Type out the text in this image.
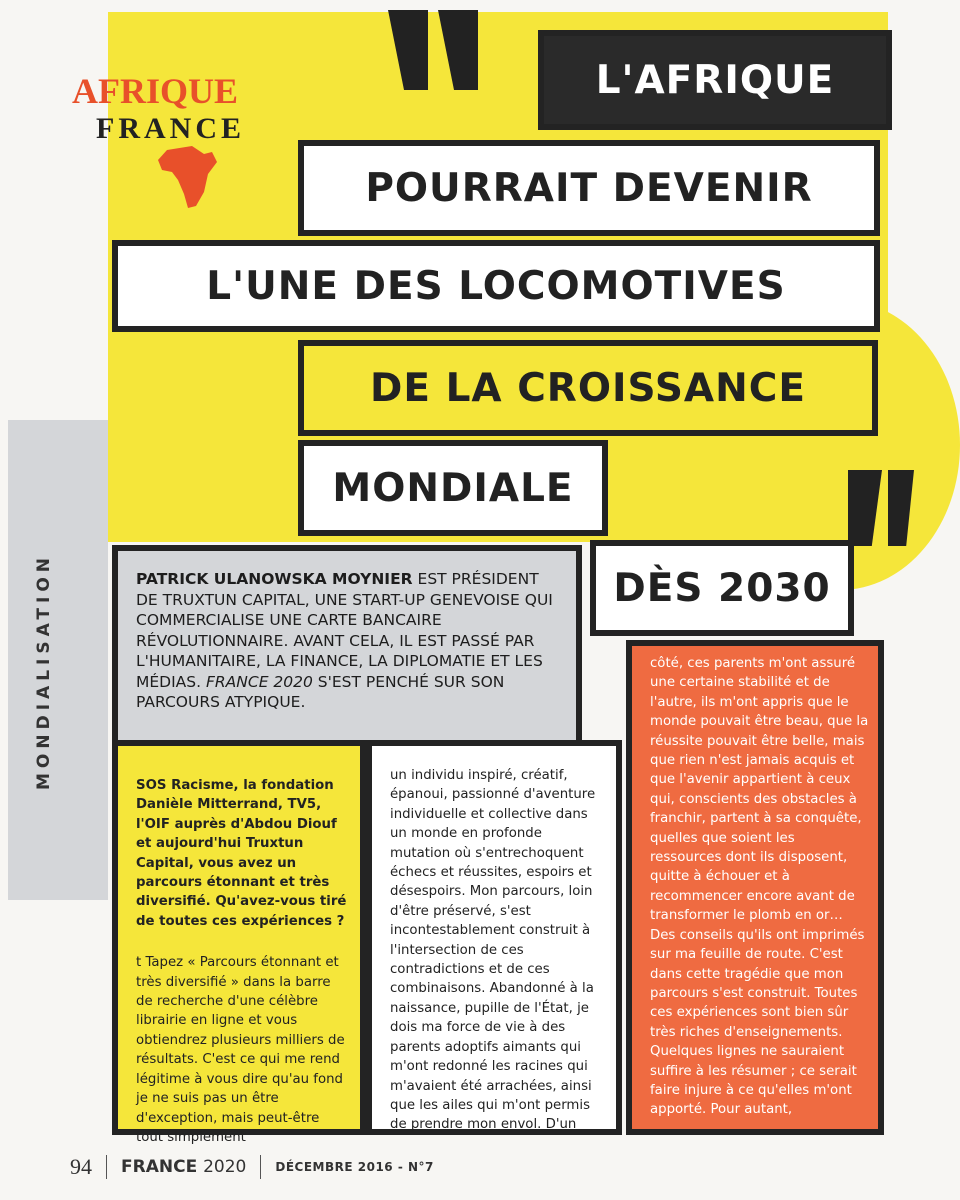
AFRIQUE
FRANCE
L'AFRIQUE
POURRAIT DEVENIR
L'UNE DES LOCOMOTIVES
DE LA CROISSANCE
MONDIALE
DÈS 2030
MONDIALISATION	PATRICK ULANOWSKA MOYNIER EST PRÉSIDENT DE TRUXTUN CAPITAL, UNE START-UP GENEVOISE QUI COMMERCIALISE UNE CARTE BANCAIRE RÉVOLUTIONNAIRE. AVANT CELA, IL EST PASSÉ PAR L'HUMANITAIRE, LA FINANCE, LA DIPLOMATIE ET LES MÉDIAS. FRANCE 2020 S'EST PENCHÉ SUR SON PARCOURS ATYPIQUE.

SOS Racisme, la fondation Danièle Mitterrand, TV5, l'OIF auprès d'Abdou Diouf et aujourd'hui Truxtun Capital, vous avez un parcours étonnant et très diversifié. Qu'avez-vous tiré de toutes ces expériences ?

t Tapez « Parcours étonnant et très diversifié » dans la barre de recherche d'une célèbre librairie en ligne et vous obtiendrez plusieurs milliers de résultats. C'est ce qui me rend légitime à vous dire qu'au fond je ne suis pas un être d'exception, mais peut-être tout simplement

un individu inspiré, créatif, épanoui, passionné d'aventure individuelle et collective dans un monde en profonde mutation où s'entrechoquent échecs et réussites, espoirs et désespoirs. Mon parcours, loin d'être préservé, s'est incontestablement construit à l'intersection de ces contradictions et de ces combinaisons. Abandonné à la naissance, pupille de l'État, je dois ma force de vie à des parents adoptifs aimants qui m'ont redonné les racines qui m'avaient été arrachées, ainsi que les ailes qui m'ont permis de prendre mon envol. D'un

côté, ces parents m'ont assuré une certaine stabilité et de l'autre, ils m'ont appris que le monde pouvait être beau, que la réussite pouvait être belle, mais que rien n'est jamais acquis et que l'avenir appartient à ceux qui, conscients des obstacles à franchir, partent à sa conquête, quelles que soient les ressources dont ils disposent, quitte à échouer et à recommencer encore avant de transformer le plomb en or… Des conseils qu'ils ont imprimés sur ma feuille de route. C'est dans cette tragédie que mon parcours s'est construit. Toutes ces expériences sont bien sûr très riches d'enseignements. Quelques lignes ne sauraient suffire à les résumer ; ce serait faire injure à ce qu'elles m'ont apporté. Pour autant,

94 FRANCE 2020 DÉCEMBRE 2016 - N°7
